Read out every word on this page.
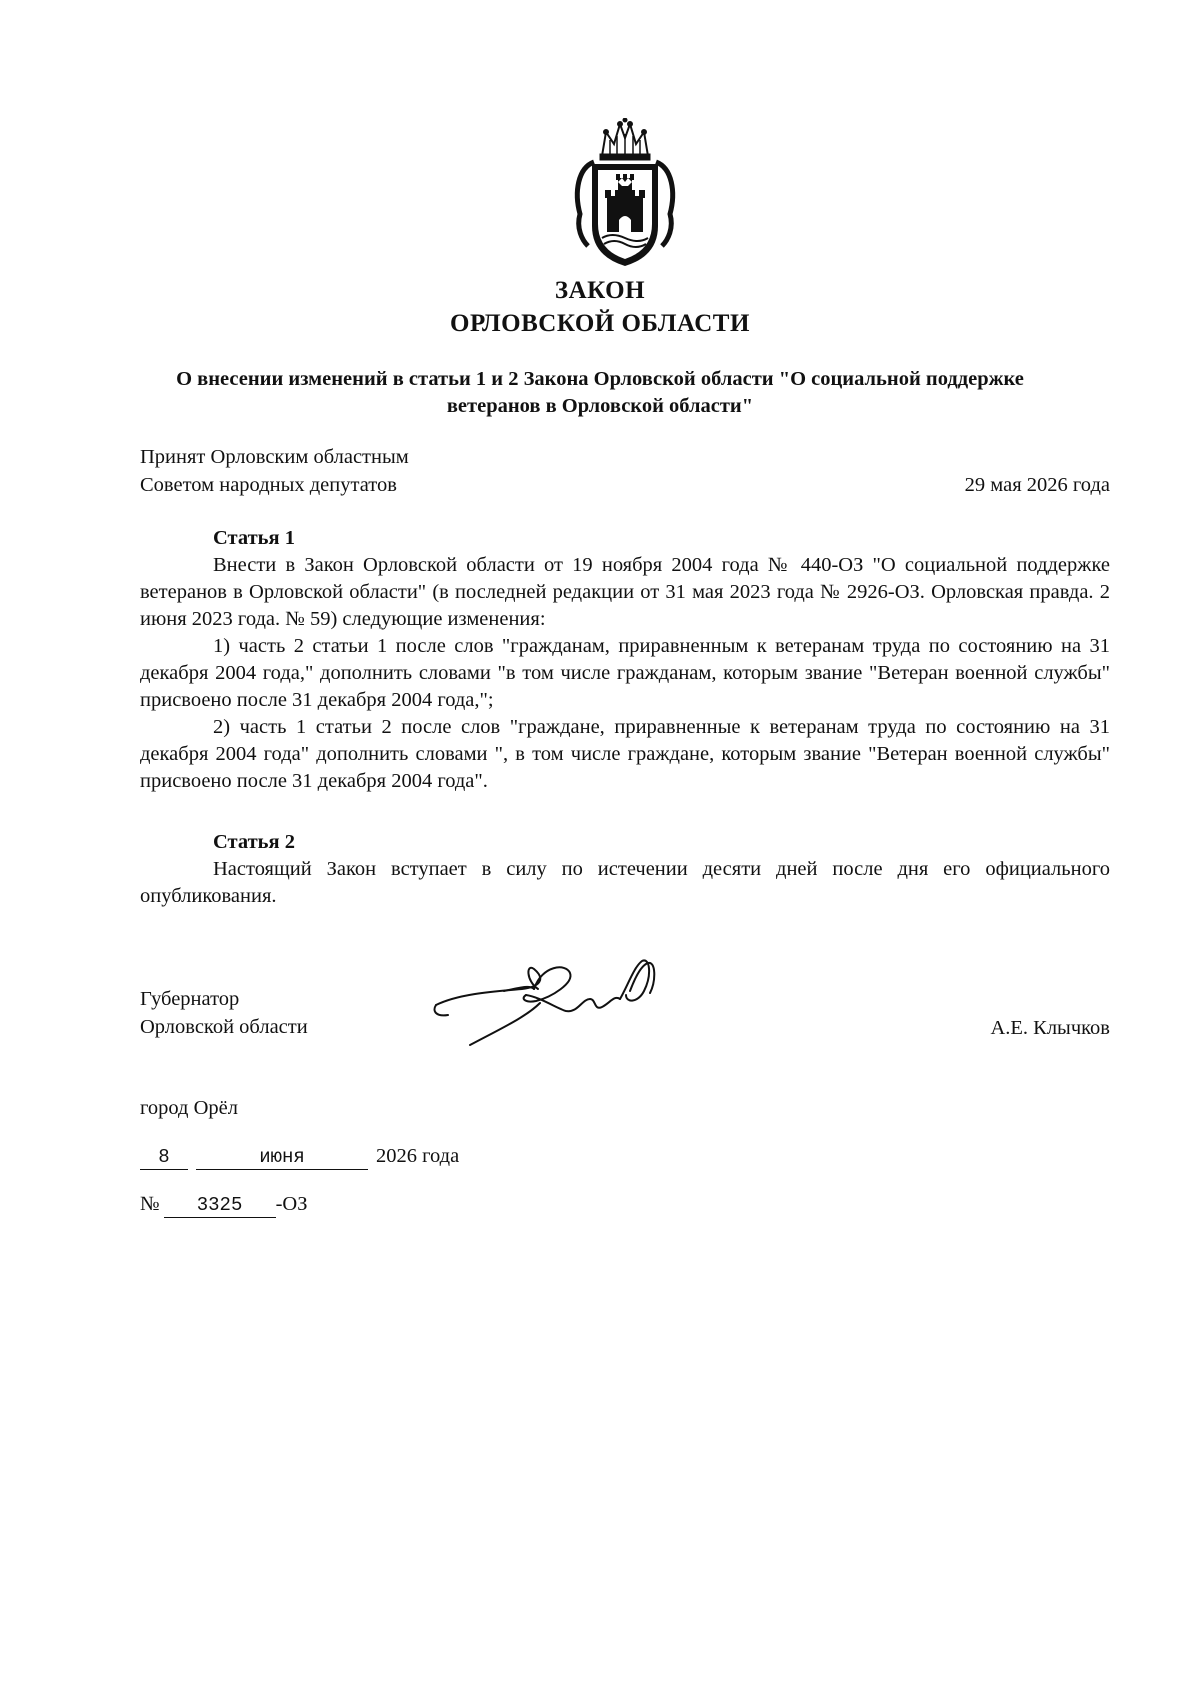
ЗАКОН
ОРЛОВСКОЙ ОБЛАСТИ
О внесении изменений в статьи 1 и 2 Закона Орловской области "О социальной поддержке ветеранов в Орловской области"
Принят Орловским областным
Советом народных депутатов	29 мая 2026 года
Статья 1

Внести в Закон Орловской области от 19 ноября 2004 года № 440-ОЗ "О социальной поддержке ветеранов в Орловской области" (в последней редакции от 31 мая 2023 года № 2926-ОЗ. Орловская правда. 2 июня 2023 года. № 59) следующие изменения:

1) часть 2 статьи 1 после слов "гражданам, приравненным к ветеранам труда по состоянию на 31 декабря 2004 года," дополнить словами "в том числе гражданам, которым звание "Ветеран военной службы" присвоено после 31 декабря 2004 года,";

2) часть 1 статьи 2 после слов "граждане, приравненные к ветеранам труда по состоянию на 31 декабря 2004 года" дополнить словами ", в том числе граждане, которым звание "Ветеран военной службы" присвоено после 31 декабря 2004 года".

Статья 2

Настоящий Закон вступает в силу по истечении десяти дней после дня его официального опубликования.

Губернатор
Орловской области	А.Е. Клычков
город Орёл
8	июня	2026 года
№ 3325 -ОЗ
